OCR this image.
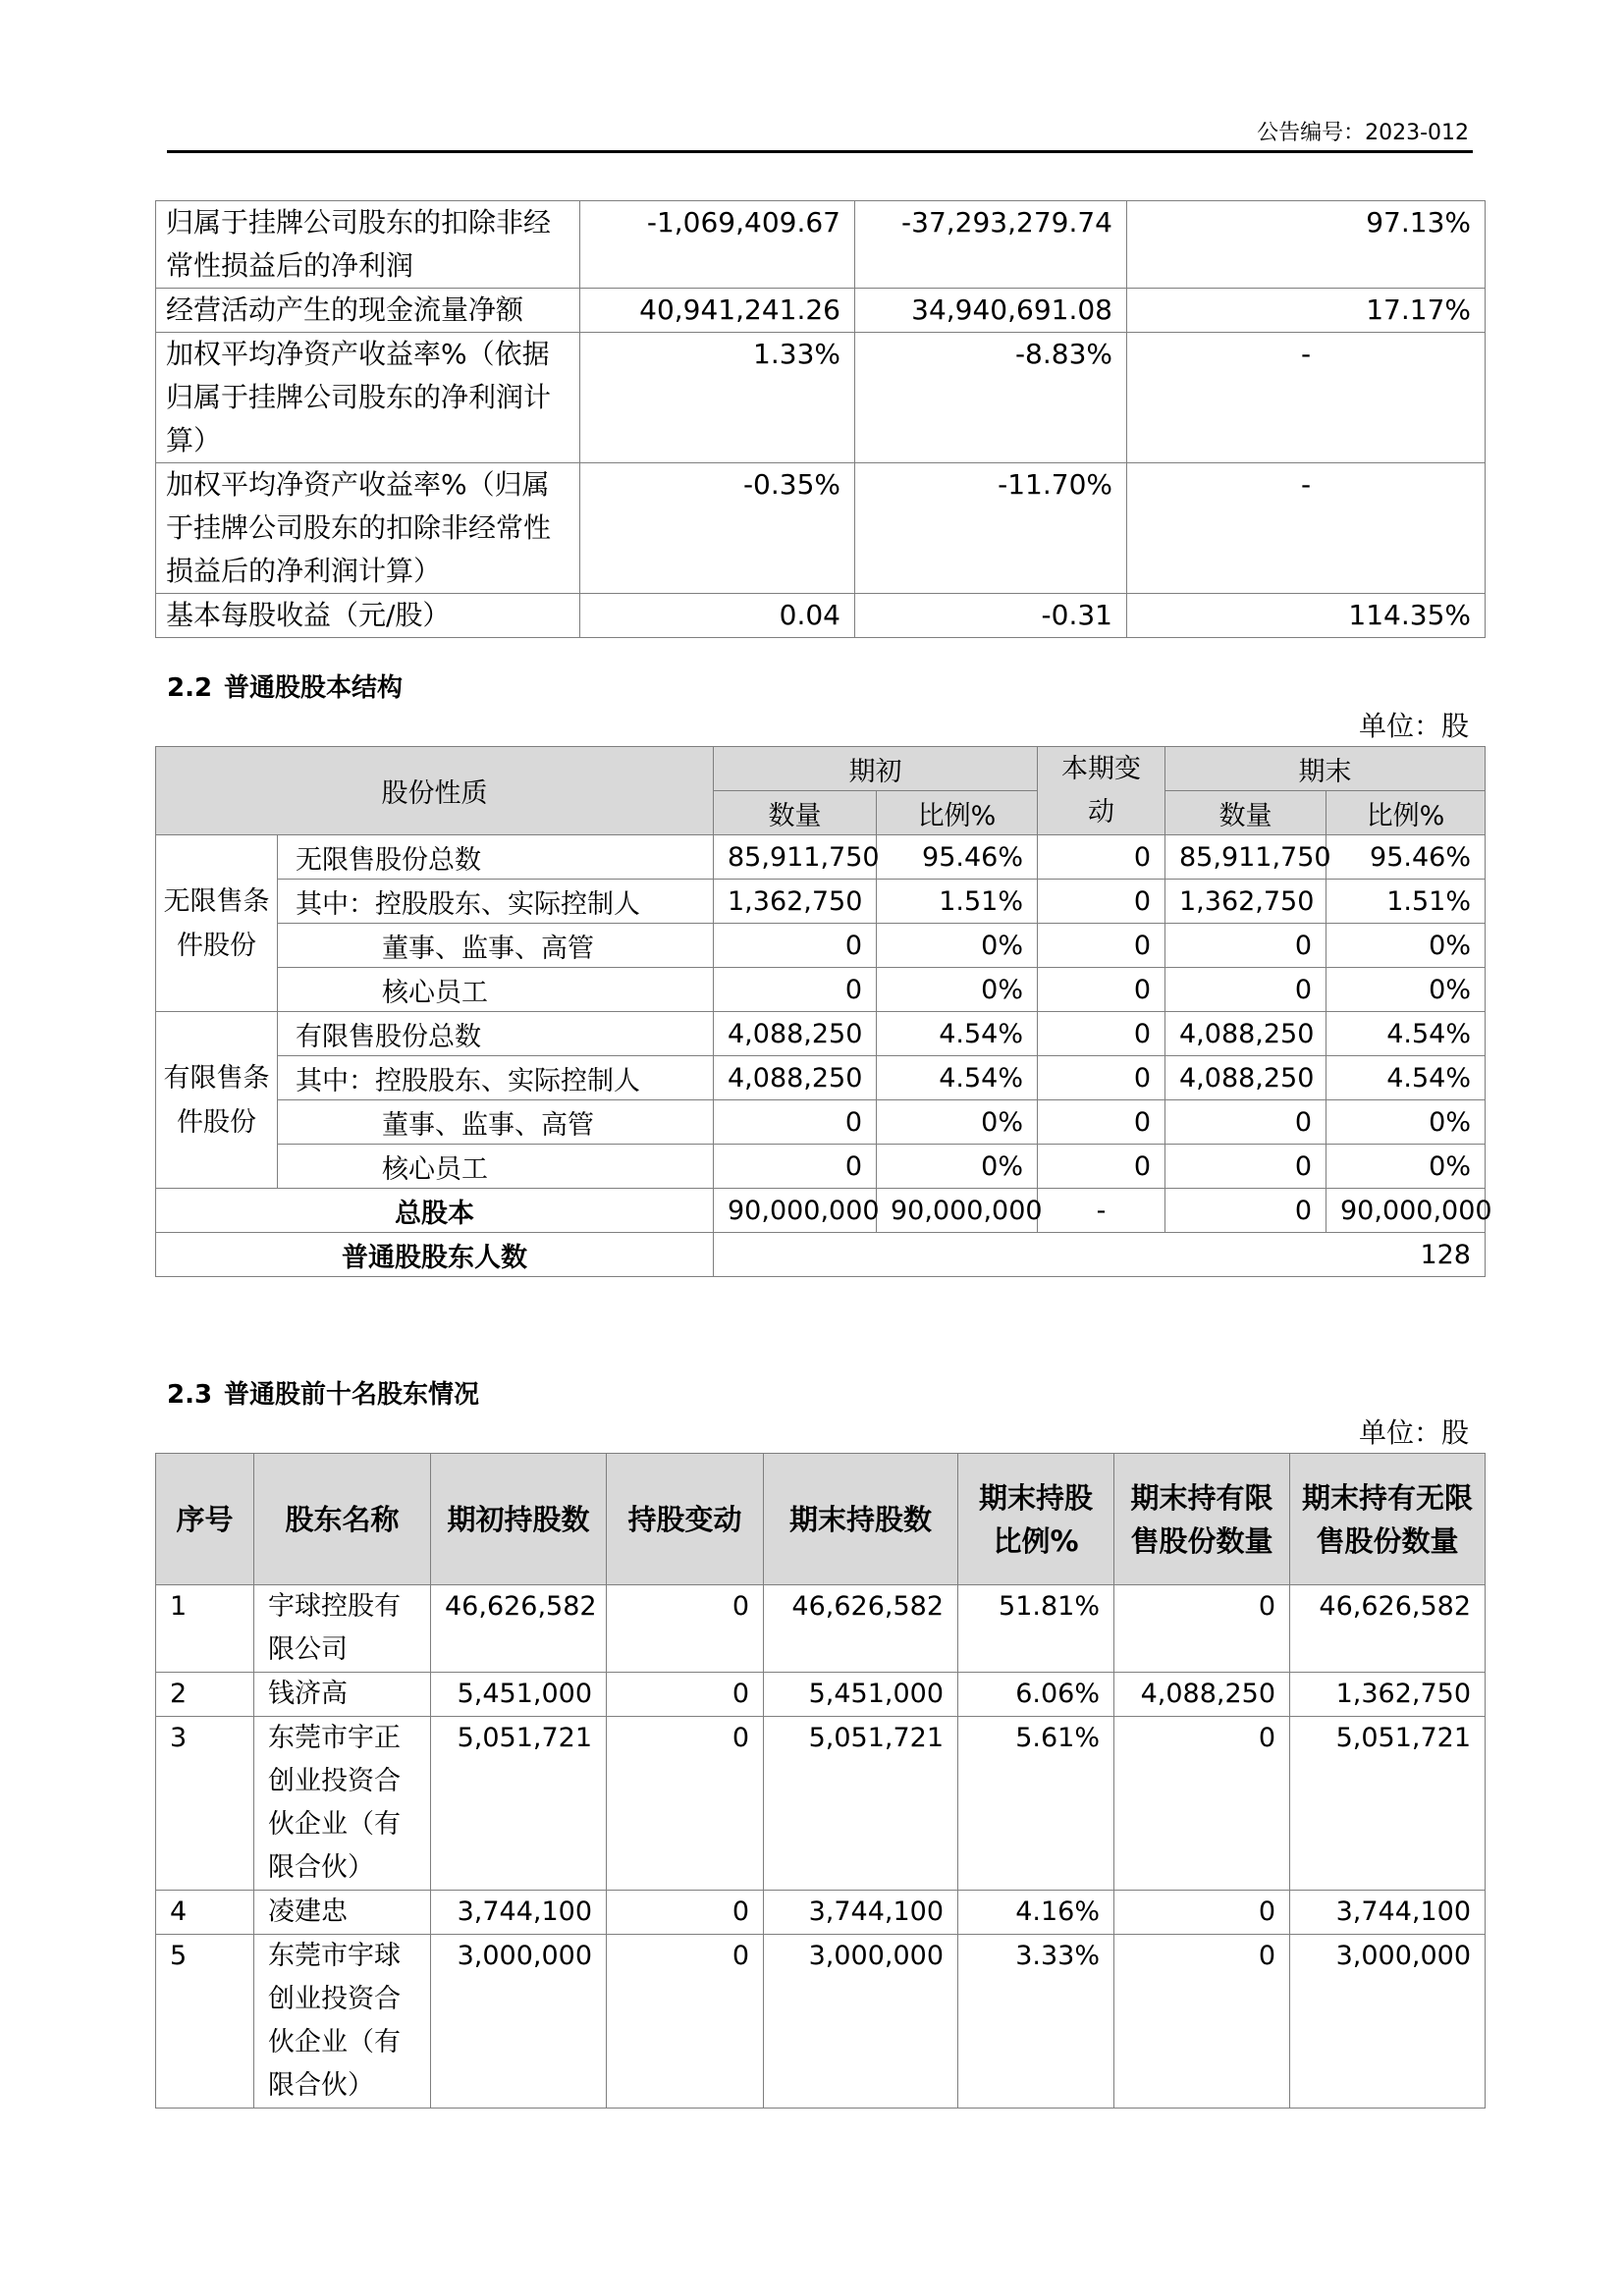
公告编号：2023-012
归属于挂牌公司股东的扣除非经常性损益后的净利润	-1,069,409.67	-37,293,279.74	97.13%
经营活动产生的现金流量净额	40,941,241.26	34,940,691.08	17.17%
加权平均净资产收益率%（依据归属于挂牌公司股东的净利润计算）	1.33%	-8.83%	-
加权平均净资产收益率%（归属于挂牌公司股东的扣除非经常性损益后的净利润计算）	-0.35%	-11.70%	-
基本每股收益（元/股）	0.04	-0.31	114.35%
2.2 普通股股本结构
单位：股
股份性质		期初		本期变动	期末	
		数量	比例%		数量	比例%
无限售条件股份	无限售股份总数	85,911,750	95.46%	0	85,911,750	95.46%
	其中：控股股东、实际控制人	1,362,750	1.51%	0	1,362,750	1.51%
	董事、监事、高管	0	0%	0	0	0%
	核心员工	0	0%	0	0	0%
有限售条件股份	有限售股份总数	4,088,250	4.54%	0	4,088,250	4.54%
	其中：控股股东、实际控制人	4,088,250	4.54%	0	4,088,250	4.54%
	董事、监事、高管	0	0%	0	0	0%
	核心员工	0	0%	0	0	0%
总股本		90,000,000	90,000,000	-	0	90,000,000
普通股股东人数		128				
2.3 普通股前十名股东情况
单位：股
序号	股东名称	期初持股数	持股变动	期末持股数	期末持股比例%	期末持有限售股份数量	期末持有无限售股份数量
1	宇球控股有限公司	46,626,582	0	46,626,582	51.81%	0	46,626,582
2	钱济高	5,451,000	0	5,451,000	6.06%	4,088,250	1,362,750
3	东莞市宇正创业投资合伙企业（有限合伙）	5,051,721	0	5,051,721	5.61%	0	5,051,721
4	凌建忠	3,744,100	0	3,744,100	4.16%	0	3,744,100
5	东莞市宇球创业投资合伙企业（有限合伙）	3,000,000	0	3,000,000	3.33%	0	3,000,000
